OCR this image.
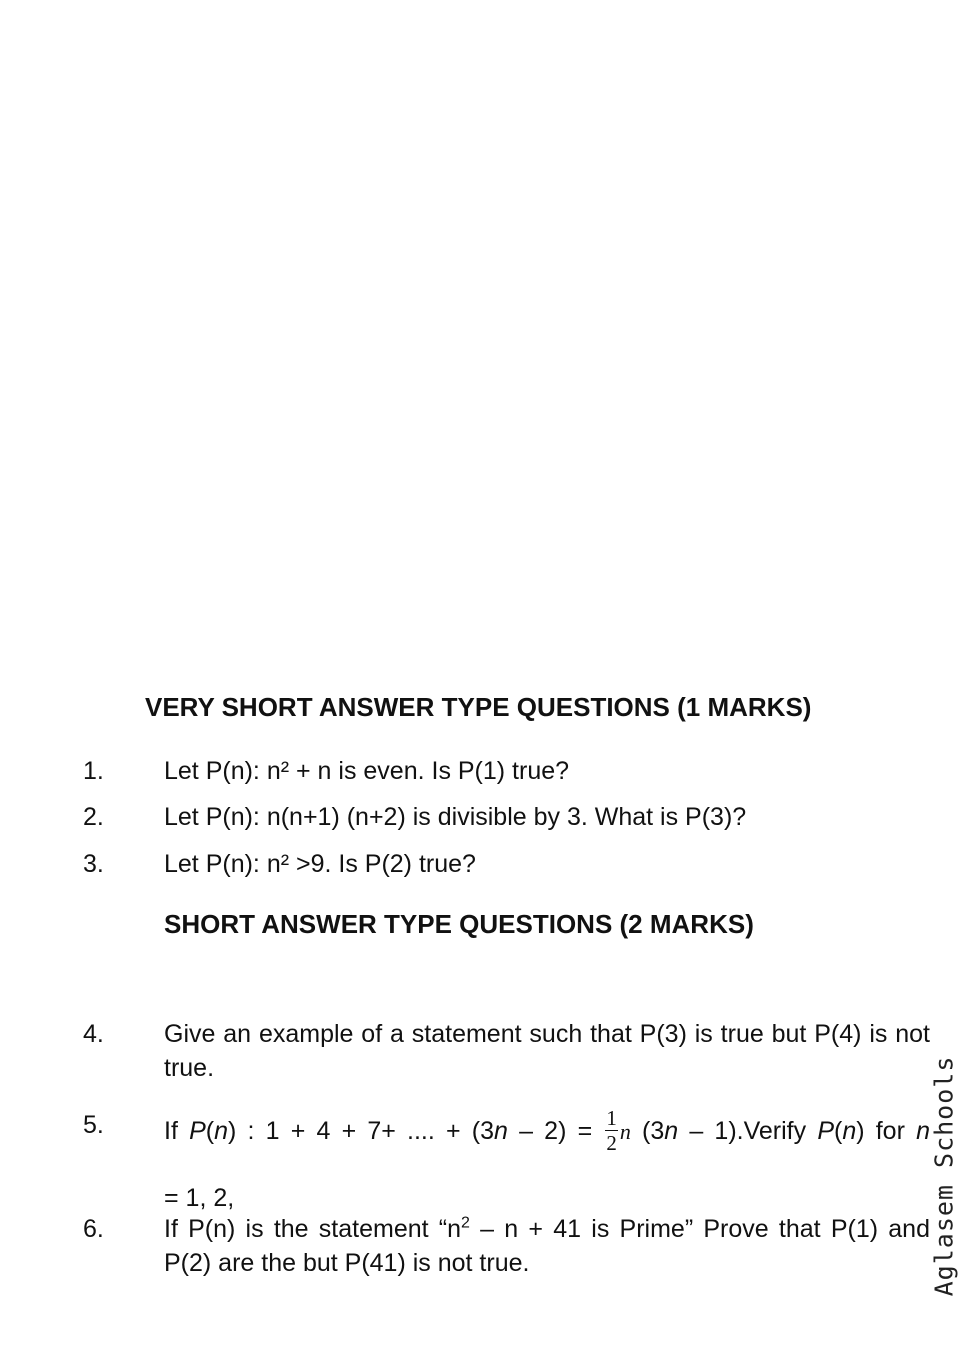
VERY SHORT ANSWER TYPE QUESTIONS (1 MARKS)
1. Let P(n): n² + n is even. Is P(1) true?
2. Let P(n): n(n+1) (n+2) is divisible by 3. What is P(3)?
3. Let P(n): n² >9. Is P(2) true?
SHORT ANSWER TYPE QUESTIONS (2 MARKS)
4. Give an example of a statement such that P(3) is true but P(4) is not true.
5. If P(n) : 1 + 4 + 7+ .... + $(3n - 2) = \frac{1}{2}$ n (3n – 1).Verify P(n) for n
= 1, 2,
6. If P(n) is the statement “$n^2 - n + 41$ is Prime” Prove that P(1) and P(2) are the but P(41) is not true.	Aglasem Schools
